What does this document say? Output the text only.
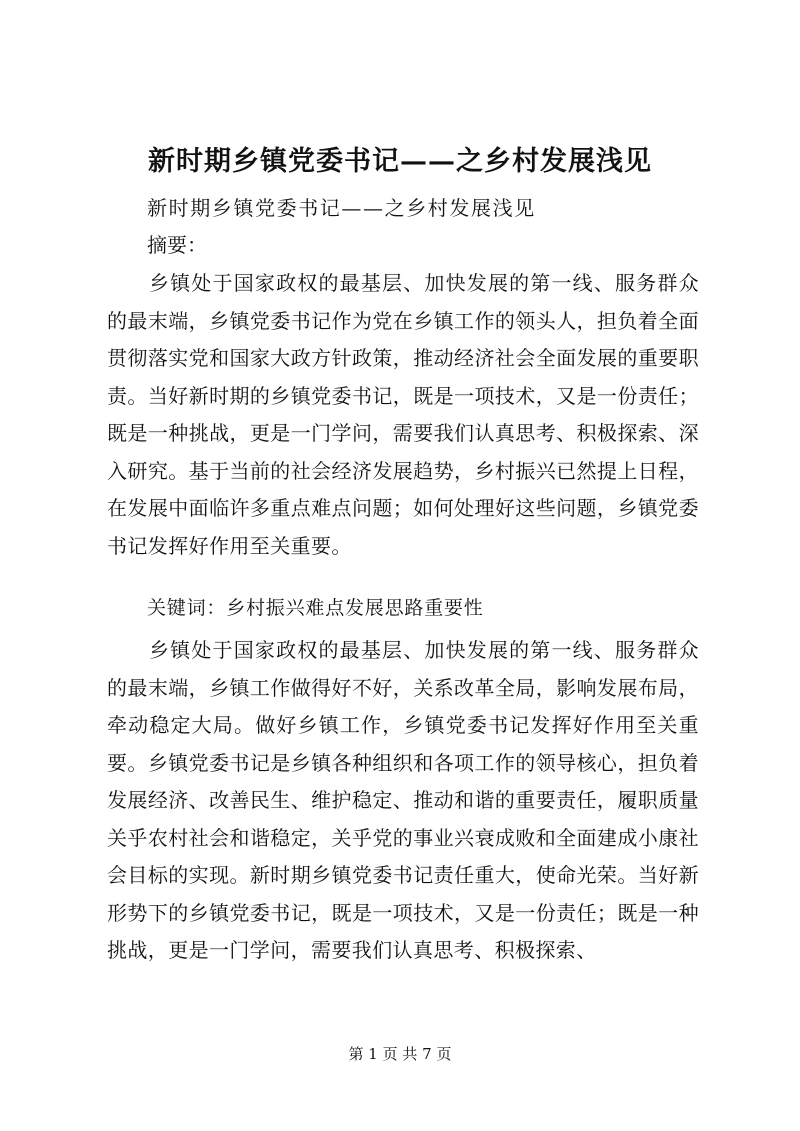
新时期乡镇党委书记——之乡村发展浅见
新时期乡镇党委书记——之乡村发展浅见
摘要：
乡镇处于国家政权的最基层、加快发展的第一线、服务群众的最末端，乡镇党委书记作为党在乡镇工作的领头人，担负着全面贯彻落实党和国家大政方针政策，推动经济社会全面发展的重要职责。当好新时期的乡镇党委书记，既是一项技术，又是一份责任；既是一种挑战，更是一门学问，需要我们认真思考、积极探索、深入研究。基于当前的社会经济发展趋势，乡村振兴已然提上日程，在发展中面临许多重点难点问题；如何处理好这些问题，乡镇党委书记发挥好作用至关重要。
关键词：乡村振兴难点发展思路重要性
乡镇处于国家政权的最基层、加快发展的第一线、服务群众的最末端，乡镇工作做得好不好，关系改革全局，影响发展布局，牵动稳定大局。做好乡镇工作，乡镇党委书记发挥好作用至关重要。乡镇党委书记是乡镇各种组织和各项工作的领导核心，担负着发展经济、改善民生、维护稳定、推动和谐的重要责任，履职质量关乎农村社会和谐稳定，关乎党的事业兴衰成败和全面建成小康社会目标的实现。新时期乡镇党委书记责任重大，使命光荣。当好新形势下的乡镇党委书记，既是一项技术，又是一份责任；既是一种挑战，更是一门学问，需要我们认真思考、积极探索、
第 1 页 共 7 页
